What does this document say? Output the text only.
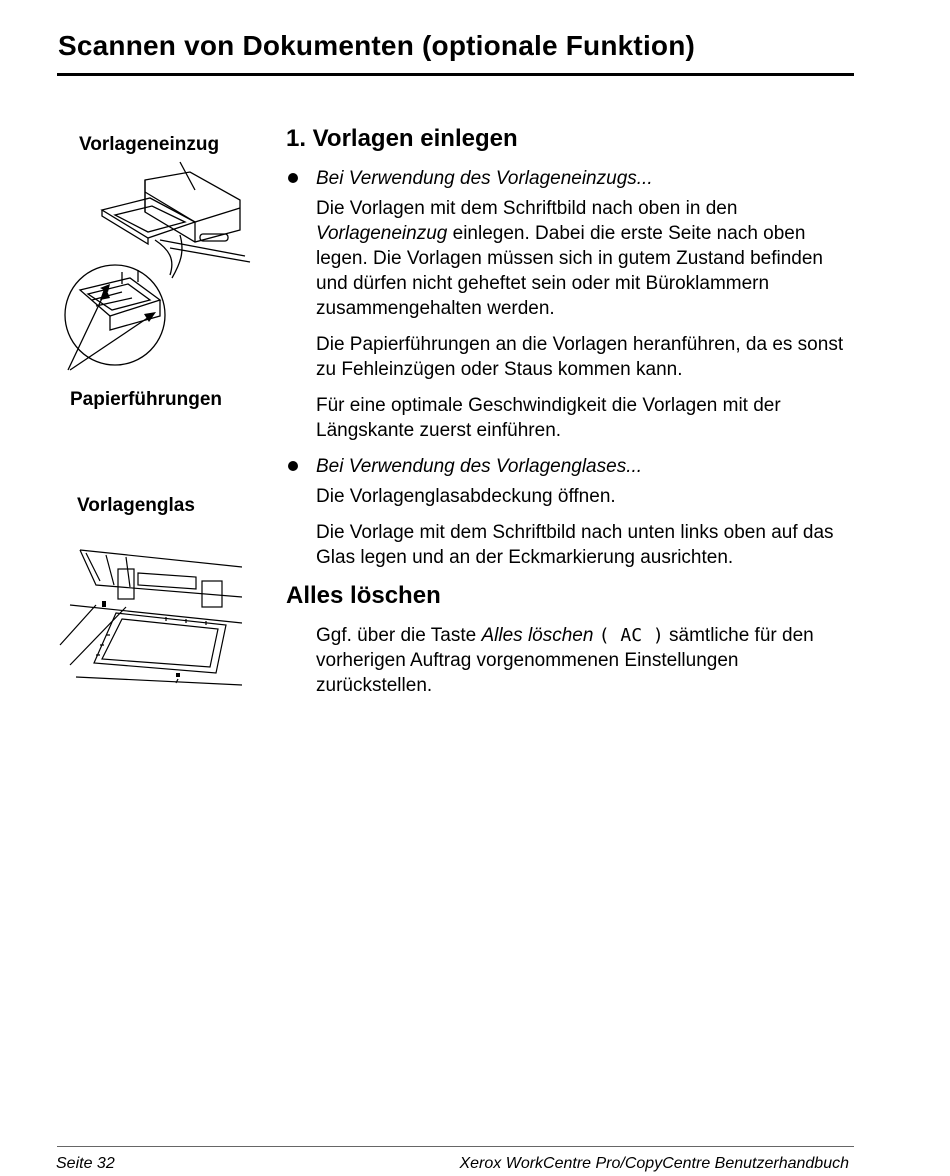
Scannen von Dokumenten (optionale Funktion)

Vorlageneinzug

Papierführungen

Vorlagenglas

1. Vorlagen einlegen

Bei Verwendung des Vorlageneinzugs...

Die Vorlagen mit dem Schriftbild nach oben in den Vorlageneinzug einlegen. Dabei die erste Seite nach oben legen. Die Vorlagen müssen sich in gutem Zustand befinden und dürfen nicht geheftet sein oder mit Büroklammern zusammengehalten werden.

Die Papierführungen an die Vorlagen heranführen, da es sonst zu Fehleinzügen oder Staus kommen kann.

Für eine optimale Geschwindigkeit die Vorlagen mit der Längskante zuerst einführen.

Bei Verwendung des Vorlagenglases...

Die Vorlagenglasabdeckung öffnen.

Die Vorlage mit dem Schriftbild nach unten links oben auf das Glas legen und an der Eckmarkierung ausrichten.

Alles löschen

Ggf. über die Taste Alles löschen ( AC ) sämtliche für den vorherigen Auftrag vorgenommenen Einstellungen zurückstellen.

Seite 32	Xerox WorkCentre Pro/CopyCentre Benutzerhandbuch
